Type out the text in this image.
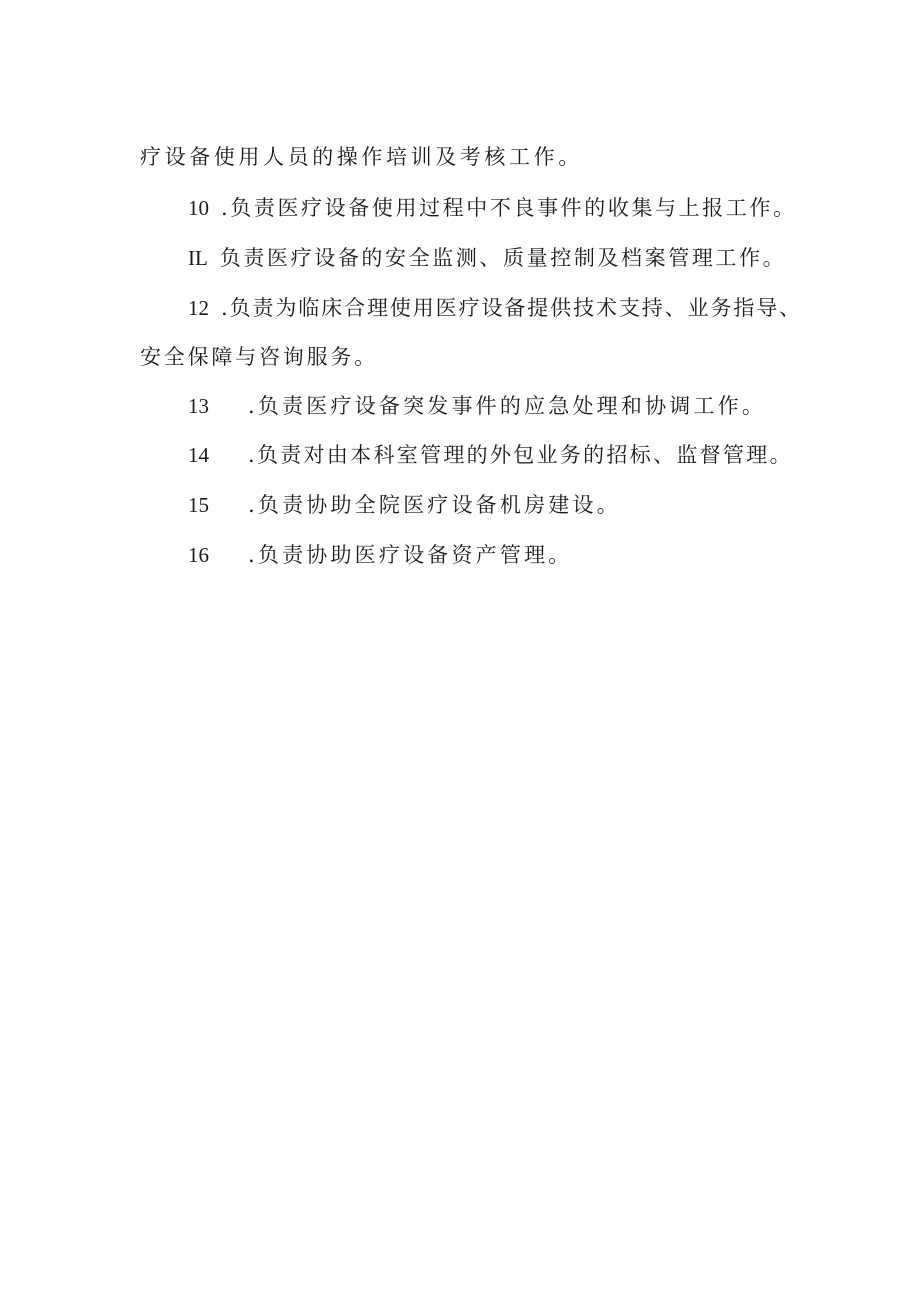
疗设备使用人员的操作培训及考核工作。
10 .负责医疗设备使用过程中不良事件的收集与上报工作。
IL 负责医疗设备的安全监测、质量控制及档案管理工作。
12 .负责为临床合理使用医疗设备提供技术支持、业务指导、
安全保障与咨询服务。
13 .负责医疗设备突发事件的应急处理和协调工作。
14 .负责对由本科室管理的外包业务的招标、监督管理。
15 .负责协助全院医疗设备机房建设。
16 .负责协助医疗设备资产管理。
